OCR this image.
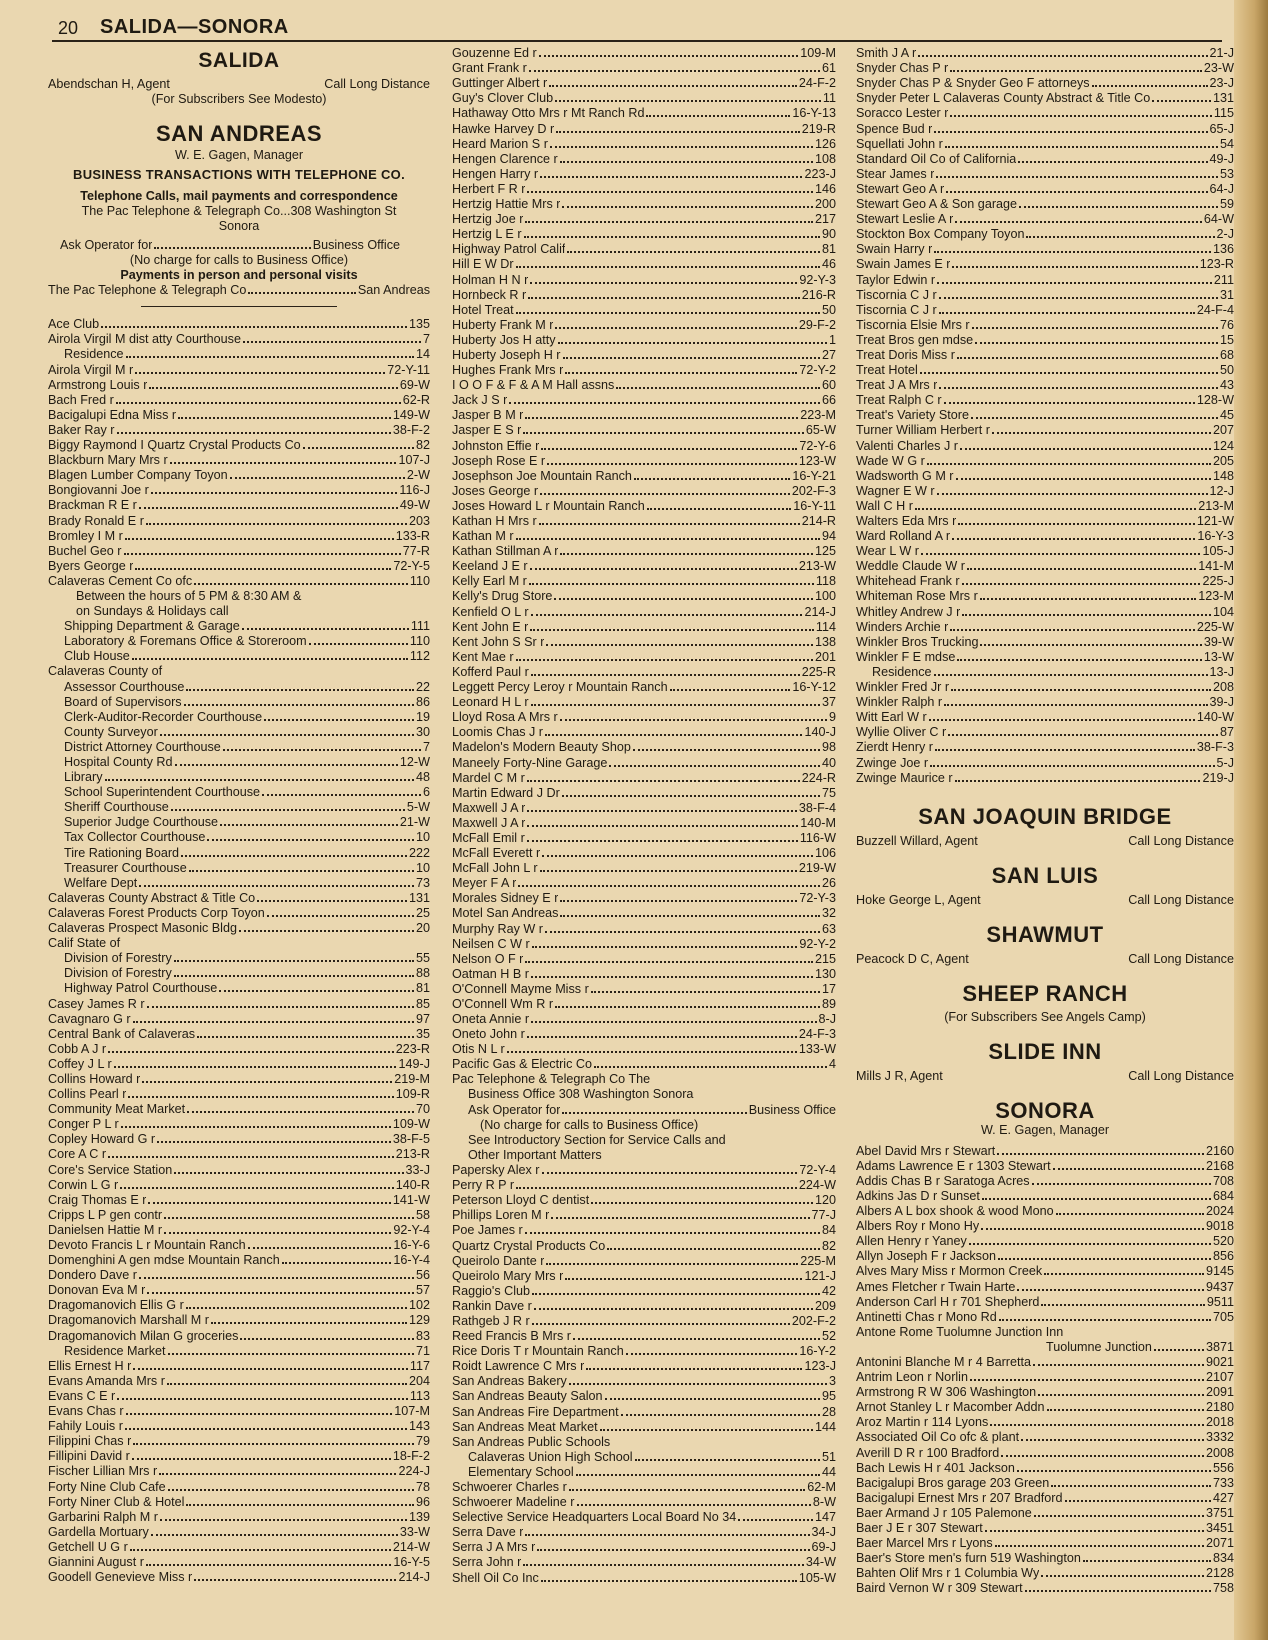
20 SALIDA—SONORA
SALIDA
Abendschan H, Agent	Call Long Distance
(For Subscribers See Modesto)
SAN ANDREAS
W. E. Gagen, Manager
BUSINESS TRANSACTIONS WITH TELEPHONE CO.
Telephone Calls, mail payments and correspondence
The Pac Telephone & Telegraph Co...308 Washington St
Sonora
Ask Operator for	Business Office
(No charge for calls to Business Office)
Payments in person and personal visits
The Pac Telephone & Telegraph Co	San Andreas
Ace Club	135
Airola Virgil M dist atty Courthouse	7
Residence	14
Airola Virgil M r	72-Y-11
Armstrong Louis r	69-W
Bach Fred r	62-R
Bacigalupi Edna Miss r	149-W
Baker Ray r	38-F-2
Biggy Raymond I Quartz Crystal Products Co	82
Blackburn Mary Mrs r	107-J
Blagen Lumber Company Toyon	2-W
Bongiovanni Joe r	116-J
Brackman R E r	49-W
Brady Ronald E r	203
Bromley I M r	133-R
Buchel Geo r	77-R
Byers George r	72-Y-5
Calaveras Cement Co ofc	110
Between the hours of 5 PM & 8:30 AM &
on Sundays & Holidays call
Shipping Department & Garage	111
Laboratory & Foremans Office & Storeroom	110
Club House	112
Calaveras County of
Assessor Courthouse	22
Board of Supervisors	86
Clerk-Auditor-Recorder Courthouse	19
County Surveyor	30
District Attorney Courthouse	7
Hospital County Rd	12-W
Library	48
School Superintendent Courthouse	6
Sheriff Courthouse	5-W
Superior Judge Courthouse	21-W
Tax Collector Courthouse	10
Tire Rationing Board	222
Treasurer Courthouse	10
Welfare Dept	73
Calaveras County Abstract & Title Co	131
Calaveras Forest Products Corp Toyon	25
Calaveras Prospect Masonic Bldg	20
Calif State of
Division of Forestry	55
Division of Forestry	88
Highway Patrol Courthouse	81
Casey James R r	85
Cavagnaro G r	97
Central Bank of Calaveras	35
Cobb A J r	223-R
Coffey J L r	149-J
Collins Howard r	219-M
Collins Pearl r	109-R
Community Meat Market	70
Conger P L r	109-W
Copley Howard G r	38-F-5
Core A C r	213-R
Core's Service Station	33-J
Corwin L G r	140-R
Craig Thomas E r	141-W
Cripps L P gen contr	58
Danielsen Hattie M r	92-Y-4
Devoto Francis L r Mountain Ranch	16-Y-6
Domenghini A gen mdse Mountain Ranch	16-Y-4
Dondero Dave r	56
Donovan Eva M r	57
Dragomanovich Ellis G r	102
Dragomanovich Marshall M r	129
Dragomanovich Milan G groceries	83
Residence Market	71
Ellis Ernest H r	117
Evans Amanda Mrs r	204
Evans C E r	113
Evans Chas r	107-M
Fahily Louis r	143
Filippini Chas r	79
Fillipini David r	18-F-2
Fischer Lillian Mrs r	224-J
Forty Nine Club Cafe	78
Forty Niner Club & Hotel	96
Garbarini Ralph M r	139
Gardella Mortuary	33-W
Getchell U G r	214-W
Giannini August r	16-Y-5
Goodell Genevieve Miss r	214-J
Gouzenne Ed r	109-M
Grant Frank r	61
Guttinger Albert r	24-F-2
Guy's Clover Club	11
Hathaway Otto Mrs r Mt Ranch Rd	16-Y-13
Hawke Harvey D r	219-R
Heard Marion S r	126
Hengen Clarence r	108
Hengen Harry r	223-J
Herbert F R r	146
Hertzig Hattie Mrs r	200
Hertzig Joe r	217
Hertzig L E r	90
Highway Patrol Calif	81
Hill E W Dr	46
Holman H N r	92-Y-3
Hornbeck R r	216-R
Hotel Treat	50
Huberty Frank M r	29-F-2
Huberty Jos H atty	1
Huberty Joseph H r	27
Hughes Frank Mrs r	72-Y-2
I O O F & F & A M Hall assns	60
Jack J S r	66
Jasper B M r	223-M
Jasper E S r	65-W
Johnston Effie r	72-Y-6
Joseph Rose E r	123-W
Josephson Joe Mountain Ranch	16-Y-21
Joses George r	202-F-3
Joses Howard L r Mountain Ranch	16-Y-11
Kathan H Mrs r	214-R
Kathan M r	94
Kathan Stillman A r	125
Keeland J E r	213-W
Kelly Earl M r	118
Kelly's Drug Store	100
Kenfield O L r	214-J
Kent John E r	114
Kent John S Sr r	138
Kent Mae r	201
Kofferd Paul r	225-R
Leggett Percy Leroy r Mountain Ranch	16-Y-12
Leonard H L r	37
Lloyd Rosa A Mrs r	9
Loomis Chas J r	140-J
Madelon's Modern Beauty Shop	98
Maneely Forty-Nine Garage	40
Mardel C M r	224-R
Martin Edward J Dr	75
Maxwell J A r	38-F-4
Maxwell J A r	140-M
McFall Emil r	116-W
McFall Everett r	106
McFall John L r	219-W
Meyer F A r	26
Morales Sidney E r	72-Y-3
Motel San Andreas	32
Murphy Ray W r	63
Neilsen C W r	92-Y-2
Nelson O F r	215
Oatman H B r	130
O'Connell Mayme Miss r	17
O'Connell Wm R r	89
Oneta Annie r	8-J
Oneto John r	24-F-3
Otis N L r	133-W
Pacific Gas & Electric Co	4
Pac Telephone & Telegraph Co The
Business Office 308 Washington Sonora
Ask Operator for	Business Office
(No charge for calls to Business Office)
See Introductory Section for Service Calls and
Other Important Matters
Papersky Alex r	72-Y-4
Perry R P r	224-W
Peterson Lloyd C dentist	120
Phillips Loren M r	77-J
Poe James r	84
Quartz Crystal Products Co	82
Queirolo Dante r	225-M
Queirolo Mary Mrs r	121-J
Raggio's Club	42
Rankin Dave r	209
Rathgeb J R r	202-F-2
Reed Francis B Mrs r	52
Rice Doris T r Mountain Ranch	16-Y-2
Roidt Lawrence C Mrs r	123-J
San Andreas Bakery	3
San Andreas Beauty Salon	95
San Andreas Fire Department	28
San Andreas Meat Market	144
San Andreas Public Schools
Calaveras Union High School	51
Elementary School	44
Schwoerer Charles r	62-M
Schwoerer Madeline r	8-W
Selective Service Headquarters Local Board No 34	147
Serra Dave r	34-J
Serra J A Mrs r	69-J
Serra John r	34-W
Shell Oil Co Inc	105-W
Smith J A r	21-J
Snyder Chas P r	23-W
Snyder Chas P & Snyder Geo F attorneys	23-J
Snyder Peter L Calaveras County Abstract & Title Co	131
Soracco Lester r	115
Spence Bud r	65-J
Squellati John r	54
Standard Oil Co of California	49-J
Stear James r	53
Stewart Geo A r	64-J
Stewart Geo A & Son garage	59
Stewart Leslie A r	64-W
Stockton Box Company Toyon	2-J
Swain Harry r	136
Swain James E r	123-R
Taylor Edwin r	211
Tiscornia C J r	31
Tiscornia C J r	24-F-4
Tiscornia Elsie Mrs r	76
Treat Bros gen mdse	15
Treat Doris Miss r	68
Treat Hotel	50
Treat J A Mrs r	43
Treat Ralph C r	128-W
Treat's Variety Store	45
Turner William Herbert r	207
Valenti Charles J r	124
Wade W G r	205
Wadsworth G M r	148
Wagner E W r	12-J
Wall C H r	213-M
Walters Eda Mrs r	121-W
Ward Rolland A r	16-Y-3
Wear L W r	105-J
Weddle Claude W r	141-M
Whitehead Frank r	225-J
Whiteman Rose Mrs r	123-M
Whitley Andrew J r	104
Winders Archie r	225-W
Winkler Bros Trucking	39-W
Winkler F E mdse	13-W
Residence	13-J
Winkler Fred Jr r	208
Winkler Ralph r	39-J
Witt Earl W r	140-W
Wyllie Oliver C r	87
Zierdt Henry r	38-F-3
Zwinge Joe r	5-J
Zwinge Maurice r	219-J
SAN JOAQUIN BRIDGE
Buzzell Willard, Agent	Call Long Distance
SAN LUIS
Hoke George L, Agent	Call Long Distance
SHAWMUT
Peacock D C, Agent	Call Long Distance
SHEEP RANCH
(For Subscribers See Angels Camp)
SLIDE INN
Mills J R, Agent	Call Long Distance
SONORA
W. E. Gagen, Manager
Abel David Mrs r Stewart	2160
Adams Lawrence E r 1303 Stewart	2168
Addis Chas B r Saratoga Acres	708
Adkins Jas D r Sunset	684
Albers A L box shook & wood Mono	2024
Albers Roy r Mono Hy	9018
Allen Henry r Yaney	520
Allyn Joseph F r Jackson	856
Alves Mary Miss r Mormon Creek	9145
Ames Fletcher r Twain Harte	9437
Anderson Carl H r 701 Shepherd	9511
Antinetti Chas r Mono Rd	705
Antone Rome Tuolumne Junction Inn
Tuolumne Junction	3871
Antonini Blanche M r 4 Barretta	9021
Antrim Leon r Norlin	2107
Armstrong R W 306 Washington	2091
Arnot Stanley L r Macomber Addn	2180
Aroz Martin r 114 Lyons	2018
Associated Oil Co ofc & plant	3332
Averill D R r 100 Bradford	2008
Bach Lewis H r 401 Jackson	556
Bacigalupi Bros garage 203 Green	733
Bacigalupi Ernest Mrs r 207 Bradford	427
Baer Armand J r 105 Palemone	3751
Baer J E r 307 Stewart	3451
Baer Marcel Mrs r Lyons	2071
Baer's Store men's furn 519 Washington	834
Bahten Olif Mrs r 1 Columbia Wy	2128
Baird Vernon W r 309 Stewart	758
